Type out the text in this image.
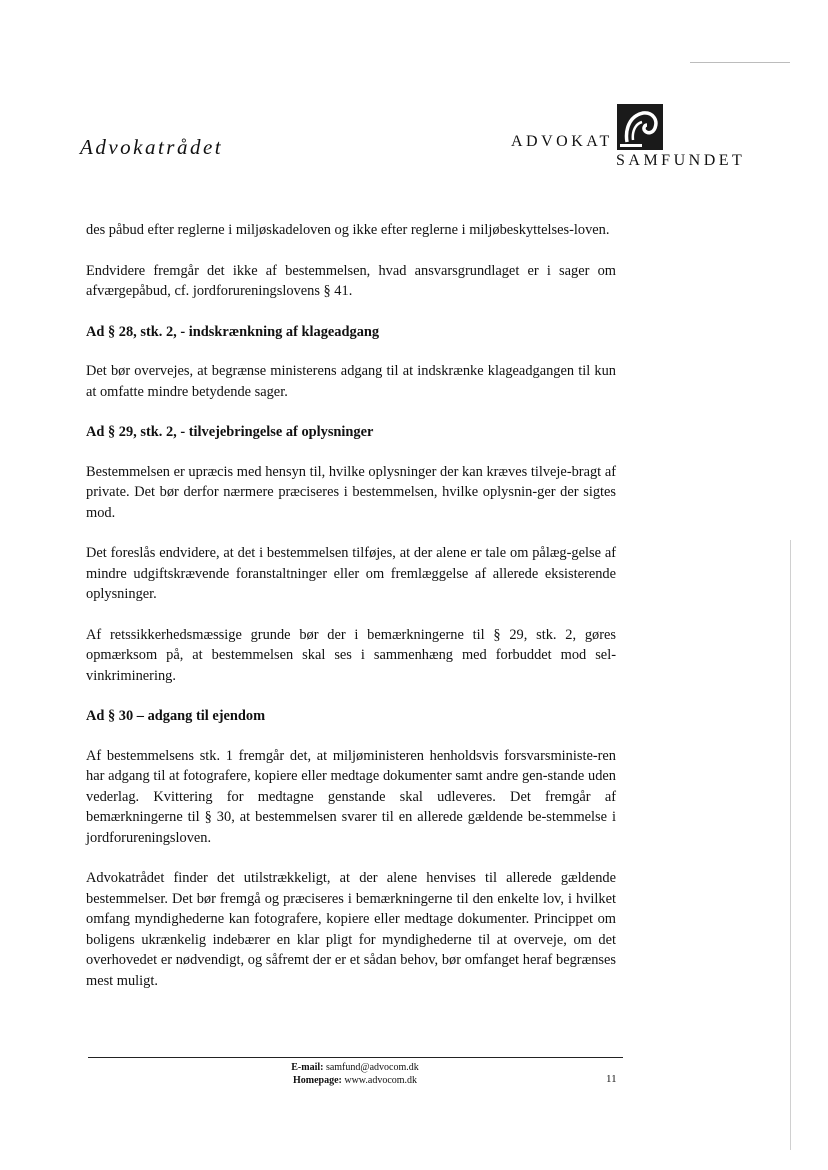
Advokatrådet	ADVOKAT
SAMFUNDET

des påbud efter reglerne i miljøskadeloven og ikke efter reglerne i miljøbeskyttelses-loven.

Endvidere fremgår det ikke af bestemmelsen, hvad ansvarsgrundlaget er i sager om afværgepåbud, cf. jordforureningslovens § 41.

Ad § 28, stk. 2, - indskrænkning af klageadgang

Det bør overvejes, at begrænse ministerens adgang til at indskrænke klageadgangen til kun at omfatte mindre betydende sager.

Ad § 29, stk. 2, - tilvejebringelse af oplysninger

Bestemmelsen er upræcis med hensyn til, hvilke oplysninger der kan kræves tilveje-bragt af private. Det bør derfor nærmere præciseres i bestemmelsen, hvilke oplysnin-ger der sigtes mod.

Det foreslås endvidere, at det i bestemmelsen tilføjes, at der alene er tale om pålæg-gelse af mindre udgiftskrævende foranstaltninger eller om fremlæggelse af allerede eksisterende oplysninger.

Af retssikkerhedsmæssige grunde bør der i bemærkningerne til § 29, stk. 2, gøres opmærksom på, at bestemmelsen skal ses i sammenhæng med forbuddet mod sel-vinkriminering.

Ad § 30 – adgang til ejendom

Af bestemmelsens stk. 1 fremgår det, at miljøministeren henholdsvis forsvarsministe-ren har adgang til at fotografere, kopiere eller medtage dokumenter samt andre gen-stande uden vederlag. Kvittering for medtagne genstande skal udleveres. Det fremgår af bemærkningerne til § 30, at bestemmelsen svarer til en allerede gældende be-stemmelse i jordforureningsloven.

Advokatrådet finder det utilstrækkeligt, at der alene henvises til allerede gældende bestemmelser. Det bør fremgå og præciseres i bemærkningerne til den enkelte lov, i hvilket omfang myndighederne kan fotografere, kopiere eller medtage dokumenter. Princippet om boligens ukrænkelig indebærer en klar pligt for myndighederne til at overveje, om det overhovedet er nødvendigt, og såfremt der er et sådan behov, bør omfanget heraf begrænses mest muligt.

E-mail: samfund@advocom.dk
Homepage: www.advocom.dk	11
